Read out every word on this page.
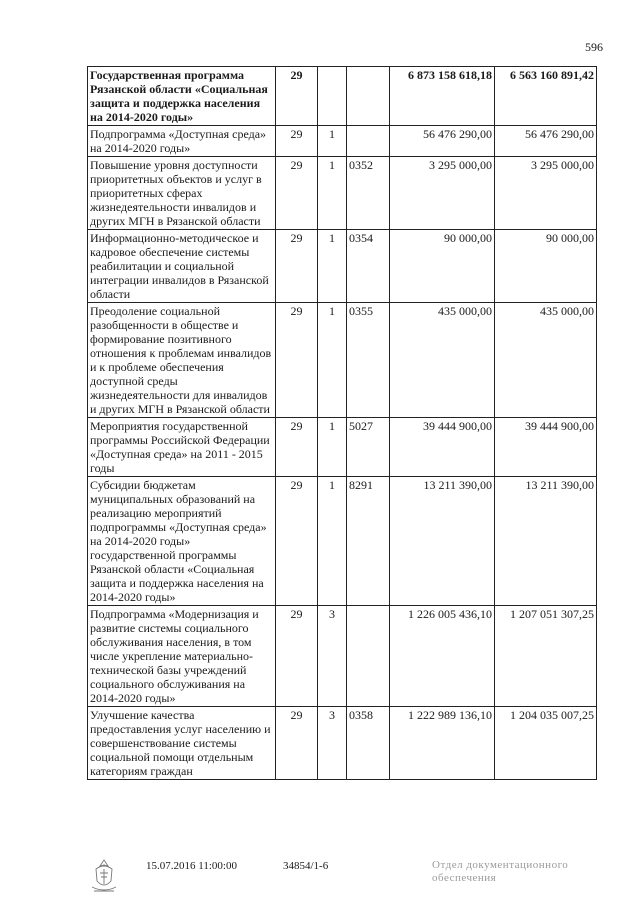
596
Государственная программа Рязанской области «Социальная защита и поддержка населения на 2014-2020 годы»	29			6 873 158 618,18	6 563 160 891,42
Подпрограмма «Доступная среда» на 2014-2020 годы»	29	1		56 476 290,00	56 476 290,00
Повышение уровня доступности приоритетных объектов и услуг в приоритетных сферах жизнедеятельности инвалидов и других МГН в Рязанской области	29	1	0352	3 295 000,00	3 295 000,00
Информационно-методическое и кадровое обеспечение системы реабилитации и социальной интеграции инвалидов в Рязанской области	29	1	0354	90 000,00	90 000,00
Преодоление социальной разобщенности в обществе и формирование позитивного отношения к проблемам инвалидов и к проблеме обеспечения доступной среды жизнедеятельности для инвалидов и других МГН в Рязанской области	29	1	0355	435 000,00	435 000,00
Мероприятия государственной программы Российской Федерации «Доступная среда» на 2011 - 2015 годы	29	1	5027	39 444 900,00	39 444 900,00
Субсидии бюджетам муниципальных образований на реализацию мероприятий подпрограммы «Доступная среда» на 2014-2020 годы» государственной программы Рязанской области «Социальная защита и поддержка населения на 2014-2020 годы»	29	1	8291	13 211 390,00	13 211 390,00
Подпрограмма «Модернизация и развитие системы социального обслуживания населения, в том числе укрепление материально-технической базы учреждений социального обслуживания на 2014-2020 годы»	29	3		1 226 005 436,10	1 207 051 307,25
Улучшение качества предоставления услуг населению и совершенствование системы социальной помощи отдельным категориям граждан	29	3	0358	1 222 989 136,10	1 204 035 007,25
15.07.2016 11:00:00	34854/1-6	Отдел документационного обеспечения
